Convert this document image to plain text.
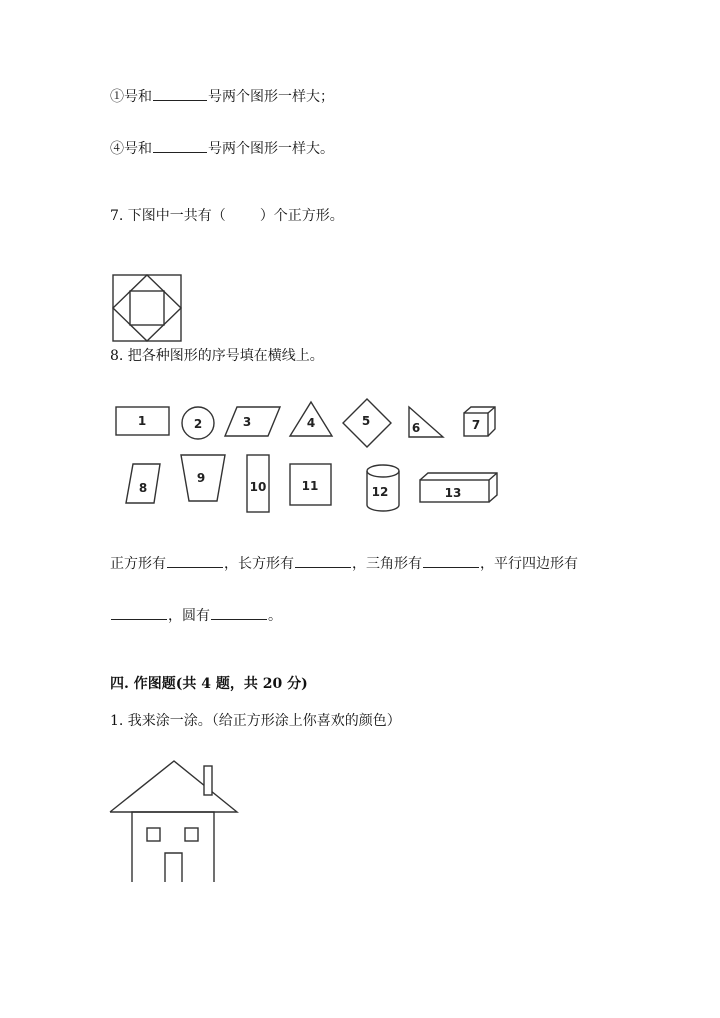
①号和	号两个图形一样大；
④号和	号两个图形一样大。
7. 下图中一共有（ ）个正方形。
8. 把各种图形的序号填在横线上。
1	2	3	4	5	6	7
8
9
10	11	12	13
正方形有	，长方形有	，三角形有	，平行四边形有
，圆有	。
四. 作图题(共 4 题，共 20 分)
1. 我来涂一涂。（给正方形涂上你喜欢的颜色）
